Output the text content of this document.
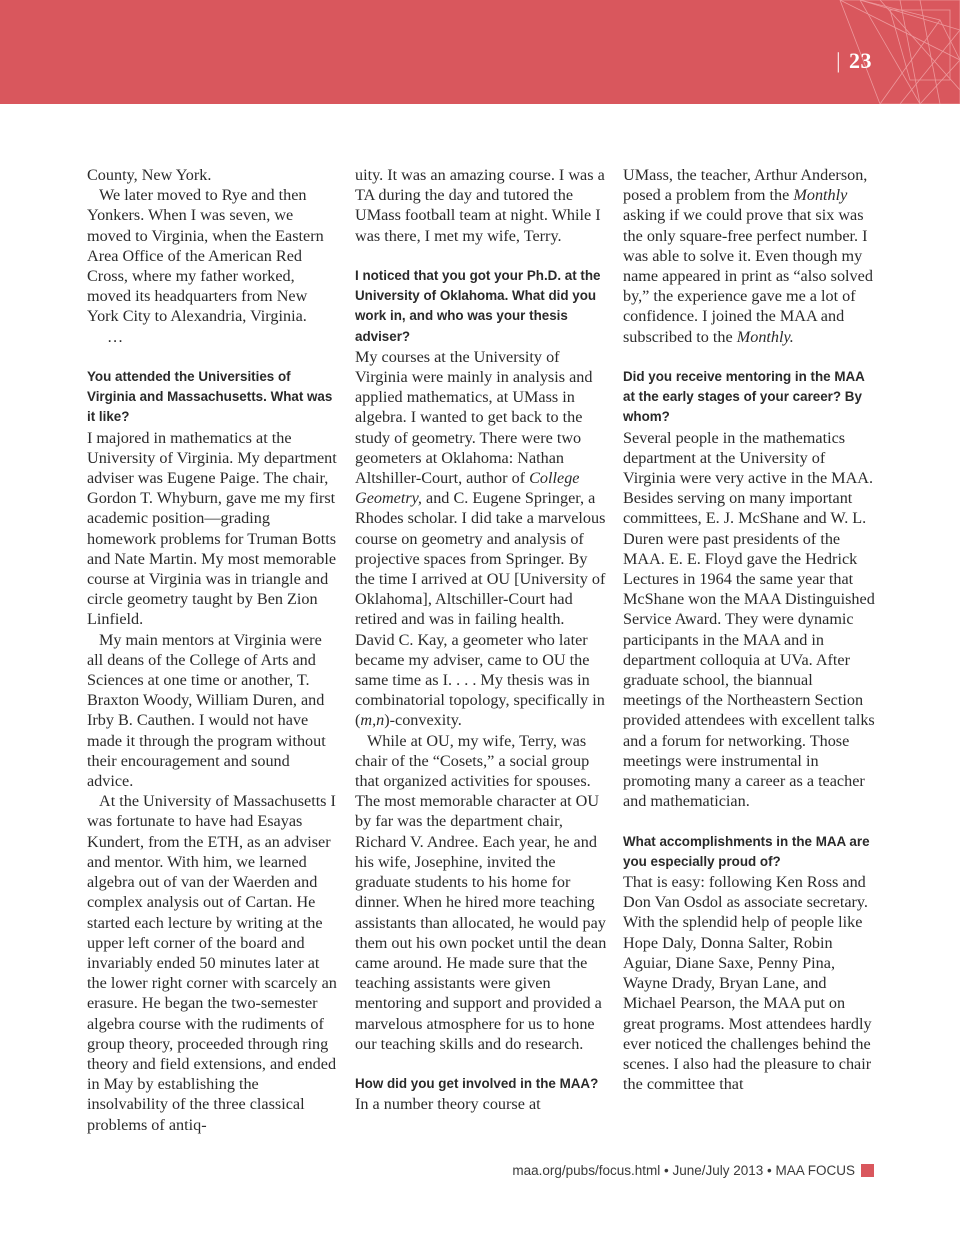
| 23

County, New York.

We later moved to Rye and then Yonkers. When I was seven, we moved to Virginia, when the Eastern Area Office of the American Red Cross, where my father worked, moved its headquarters from New York City to Alexandria, Virginia.

…

You attended the Universities of Virginia and Massachusetts. What was it like?

I majored in mathematics at the University of Virginia. My department adviser was Eugene Paige. The chair, Gordon T. Whyburn, gave me my first academic position—grading homework problems for Truman Botts and Nate Martin. My most memorable course at Virginia was in triangle and circle geometry taught by Ben Zion Linfield.

My main mentors at Virginia were all deans of the College of Arts and Sciences at one time or another, T. Braxton Woody, William Duren, and Irby B. Cauthen. I would not have made it through the program without their encouragement and sound advice.

At the University of Massachusetts I was fortunate to have had Esayas Kundert, from the ETH, as an adviser and mentor. With him, we learned algebra out of van der Waerden and complex analysis out of Cartan. He started each lecture by writing at the upper left corner of the board and invariably ended 50 minutes later at the lower right corner with scarcely an erasure. He began the two-semester algebra course with the rudiments of group theory, proceeded through ring theory and field extensions, and ended in May by establishing the insolvability of the three classical problems of antiq-

uity. It was an amazing course. I was a TA during the day and tutored the UMass football team at night. While I was there, I met my wife, Terry.

I noticed that you got your Ph.D. at the University of Oklahoma. What did you work in, and who was your thesis adviser?

My courses at the University of Virginia were mainly in analysis and applied mathematics, at UMass in algebra. I wanted to get back to the study of geometry. There were two geometers at Oklahoma: Nathan Altshiller-Court, author of College Geometry, and C. Eugene Springer, a Rhodes scholar. I did take a marvelous course on geometry and analysis of projective spaces from Springer. By the time I arrived at OU [University of Oklahoma], Altschiller-Court had retired and was in failing health. David C. Kay, a geometer who later became my adviser, came to OU the same time as I. . . . My thesis was in combinatorial topology, specifically in (m,n)-convexity.

While at OU, my wife, Terry, was chair of the “Cosets,” a social group that organized activities for spouses. The most memorable character at OU by far was the department chair, Richard V. Andree. Each year, he and his wife, Josephine, invited the graduate students to his home for dinner. When he hired more teaching assistants than allocated, he would pay them out his own pocket until the dean came around. He made sure that the teaching assistants were given mentoring and support and provided a marvelous atmosphere for us to hone our teaching skills and do research.

How did you get involved in the MAA?

In a number theory course at

UMass, the teacher, Arthur Anderson, posed a problem from the Monthly asking if we could prove that six was the only square-free perfect number. I was able to solve it. Even though my name appeared in print as “also solved by,” the experience gave me a lot of confidence. I joined the MAA and subscribed to the Monthly.

Did you receive mentoring in the MAA at the early stages of your career? By whom?

Several people in the mathematics department at the University of Virginia were very active in the MAA. Besides serving on many important committees, E. J. McShane and W. L. Duren were past presidents of the MAA. E. E. Floyd gave the Hedrick Lectures in 1964 the same year that McShane won the MAA Distinguished Service Award. They were dynamic participants in the MAA and in department colloquia at UVa. After graduate school, the biannual meetings of the Northeastern Section provided attendees with excellent talks and a forum for networking. Those meetings were instrumental in promoting many a career as a teacher and mathematician.

What accomplishments in the MAA are you especially proud of?

That is easy: following Ken Ross and Don Van Osdol as associate secretary. With the splendid help of people like Hope Daly, Donna Salter, Robin Aguiar, Diane Saxe, Penny Pina, Wayne Drady, Bryan Lane, and Michael Pearson, the MAA put on great programs. Most attendees hardly ever noticed the challenges behind the scenes. I also had the pleasure to chair the committee that

maa.org/pubs/focus.html • June/July 2013 • MAA FOCUS
